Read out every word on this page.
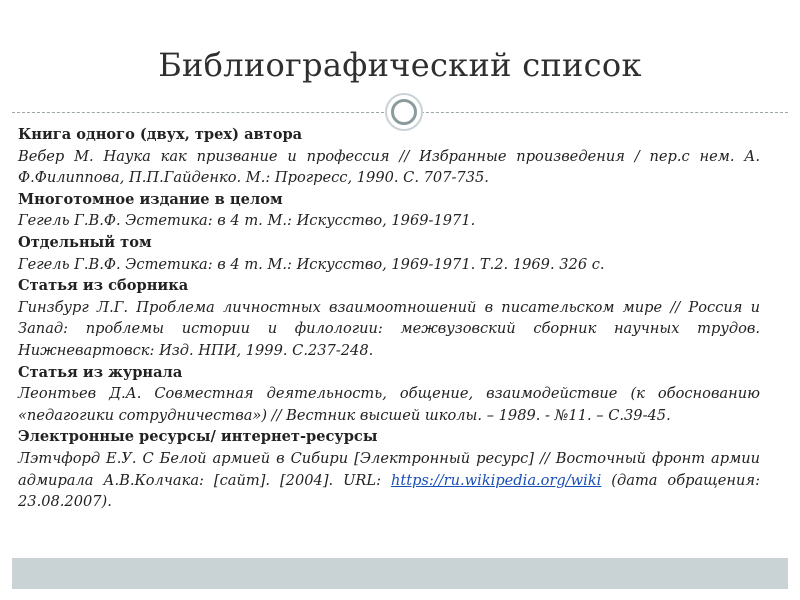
Библиографический список
Книга одного (двух, трех) автора
Вебер М. Наука как призвание и профессия // Избранные произведения / пер.с нем. А. Ф.Филиппова, П.П.Гайденко. М.: Прогресс, 1990. С. 707-735.
Многотомное издание в целом
Гегель Г.В.Ф. Эстетика: в 4 т. М.: Искусство, 1969-1971.
Отдельный том
Гегель Г.В.Ф. Эстетика: в 4 т. М.: Искусство, 1969-1971. Т.2. 1969. 326 с.
Статья из сборника
Гинзбург Л.Г. Проблема личностных взаимоотношений в писательском мире // Россия и Запад: проблемы истории и филологии: межвузовский сборник научных трудов. Нижневартовск: Изд. НПИ, 1999. С.237-248.
Статья из журнала
Леонтьев Д.А. Совместная деятельность, общение, взаимодействие (к обоснованию «педагогики сотрудничества») // Вестник высшей школы. – 1989. - №11. – С.39-45.
Электронные ресурсы/ интернет-ресурсы
Лэтчфорд Е.У. С Белой армией в Сибири [Электронный ресурс] // Восточный фронт армии адмирала А.В.Колчака: [сайт]. [2004]. URL: https://ru.wikipedia.org/wiki (дата обращения: 23.08.2007).
